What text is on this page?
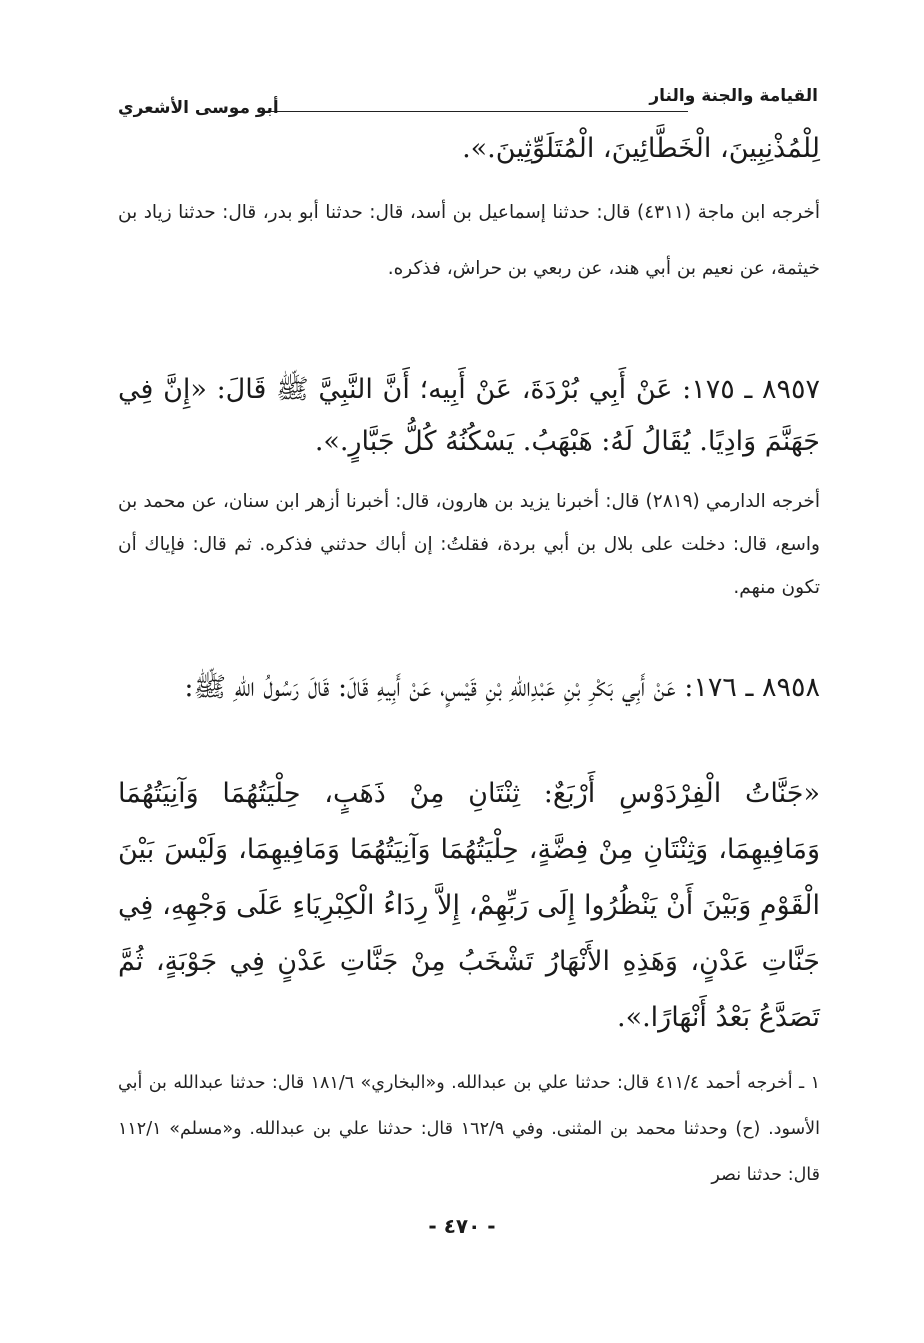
القيامة والجنة والنار
أبو موسى الأشعري
لِلْمُذْنِبِينَ، الْخَطَّائِينَ، الْمُتَلَوِّثِينَ.».
أخرجه ابن ماجة (٤٣١١) قال: حدثنا إسماعيل بن أسد، قال: حدثنا أبو بدر، قال: حدثنا زياد بن خيثمة، عن نعيم بن أبي هند، عن ربعي بن حراش، فذكره.
٨٩٥٧ ـ ١٧٥: عَنْ أَبِي بُرْدَةَ، عَنْ أَبِيه؛ أَنَّ النَّبِيَّ ﷺ قَالَ: «إِنَّ فِي جَهَنَّمَ وَادِيًا. يُقَالُ لَهُ: هَبْهَبُ. يَسْكُنُهُ كُلُّ جَبَّارٍ.».
أخرجه الدارمي (٢٨١٩) قال: أخبرنا يزيد بن هارون، قال: أخبرنا أزهر ابن سنان، عن محمد بن واسع، قال: دخلت على بلال بن أبي بردة، فقلتُ: إن أباك حدثني فذكره. ثم قال: فإياك أن تكون منهم.
٨٩٥٨ ـ ١٧٦: عَنْ أَبِي بَكْرِ بْنِ عَبْدِاللهِ بْنِ قَيْسٍ، عَنْ أَبِيهِ قَالَ: قَالَ رَسُولُ اللهِ ﷺ:
«جَنَّاتُ الْفِرْدَوْسِ أَرْبَعٌ: ثِنْتَانِ مِنْ ذَهَبٍ، حِلْيَتُهُمَا وَآنِيَتُهُمَا وَمَافِيهِمَا، وَثِنْتَانِ مِنْ فِضَّةٍ، حِلْيَتُهُمَا وَآنِيَتُهُمَا وَمَافِيهِمَا، وَلَيْسَ بَيْنَ الْقَوْمِ وَبَيْنَ أَنْ يَنْظُرُوا إِلَى رَبِّهِمْ، إِلاَّ رِدَاءُ الْكِبْرِيَاءِ عَلَى وَجْهِهِ، فِي جَنَّاتِ عَدْنٍ، وَهَذِهِ الأَنْهَارُ تَشْخَبُ مِنْ جَنَّاتِ عَدْنٍ فِي جَوْبَةٍ، ثُمَّ تَصَدَّعُ بَعْدُ أَنْهَارًا.».
١ ـ أخرجه أحمد ٤١١/٤ قال: حدثنا علي بن عبدالله. و«البخاري» ١٨١/٦ قال: حدثنا عبدالله بن أبي الأسود. (ح) وحدثنا محمد بن المثنى. وفي ١٦٢/٩ قال: حدثنا علي بن عبدالله. و«مسلم» ١١٢/١ قال: حدثنا نصر
- ٤٧٠ -
